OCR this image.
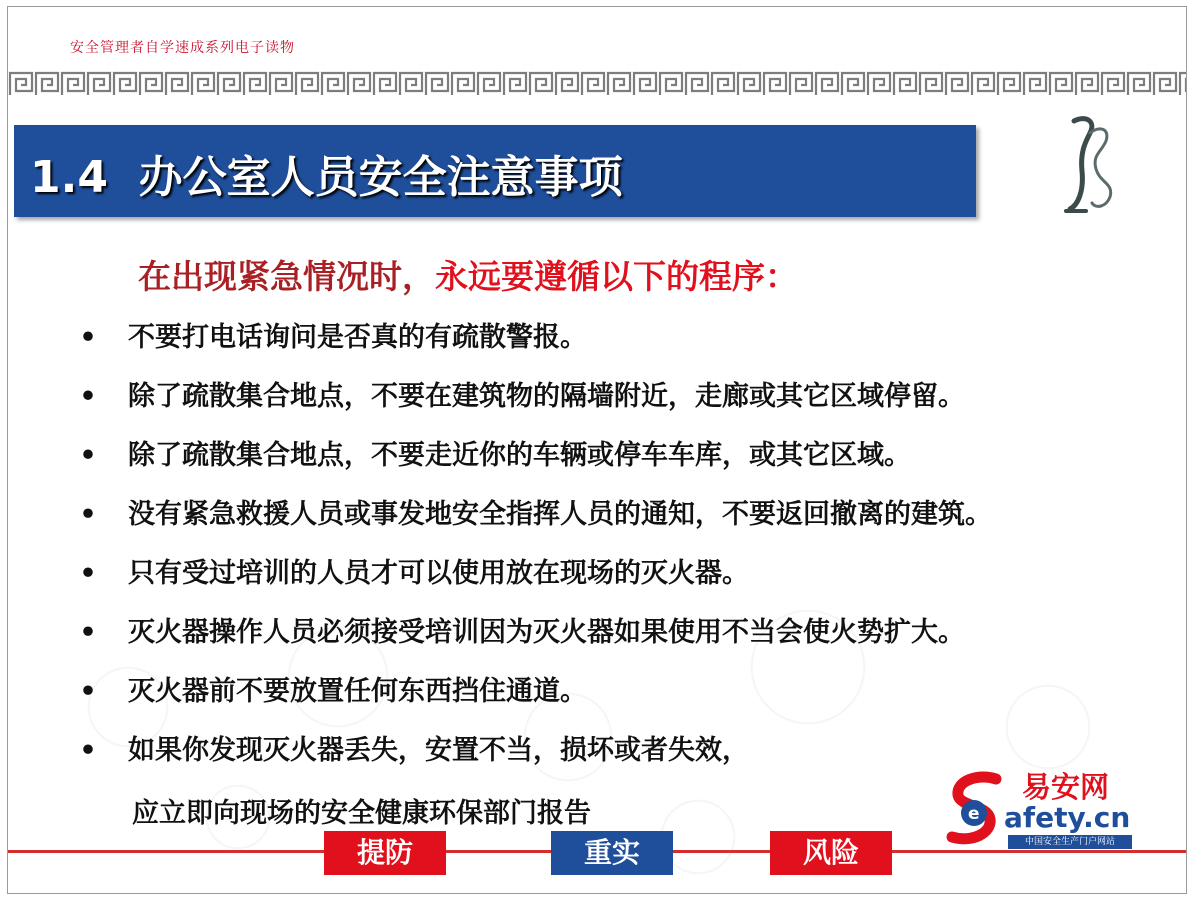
安全管理者自学速成系列电子读物
1.4 办公室人员安全注意事项
在出现紧急情况时，永远要遵循以下的程序：
• 不要打电话询问是否真的有疏散警报。
• 除了疏散集合地点，不要在建筑物的隔墙附近，走廊或其它区域停留。
• 除了疏散集合地点，不要走近你的车辆或停车车库，或其它区域。
• 没有紧急救援人员或事发地安全指挥人员的通知，不要返回撤离的建筑。
• 只有受过培训的人员才可以使用放在现场的灭火器。
• 灭火器操作人员必须接受培训因为灭火器如果使用不当会使火势扩大。
• 灭火器前不要放置任何东西挡住通道。
• 如果你发现灭火器丢失，安置不当，损坏或者失效，
应立即向现场的安全健康环保部门报告	e
易安网
afety.cn
中国安全生产门户网站
提防	重实	风险
